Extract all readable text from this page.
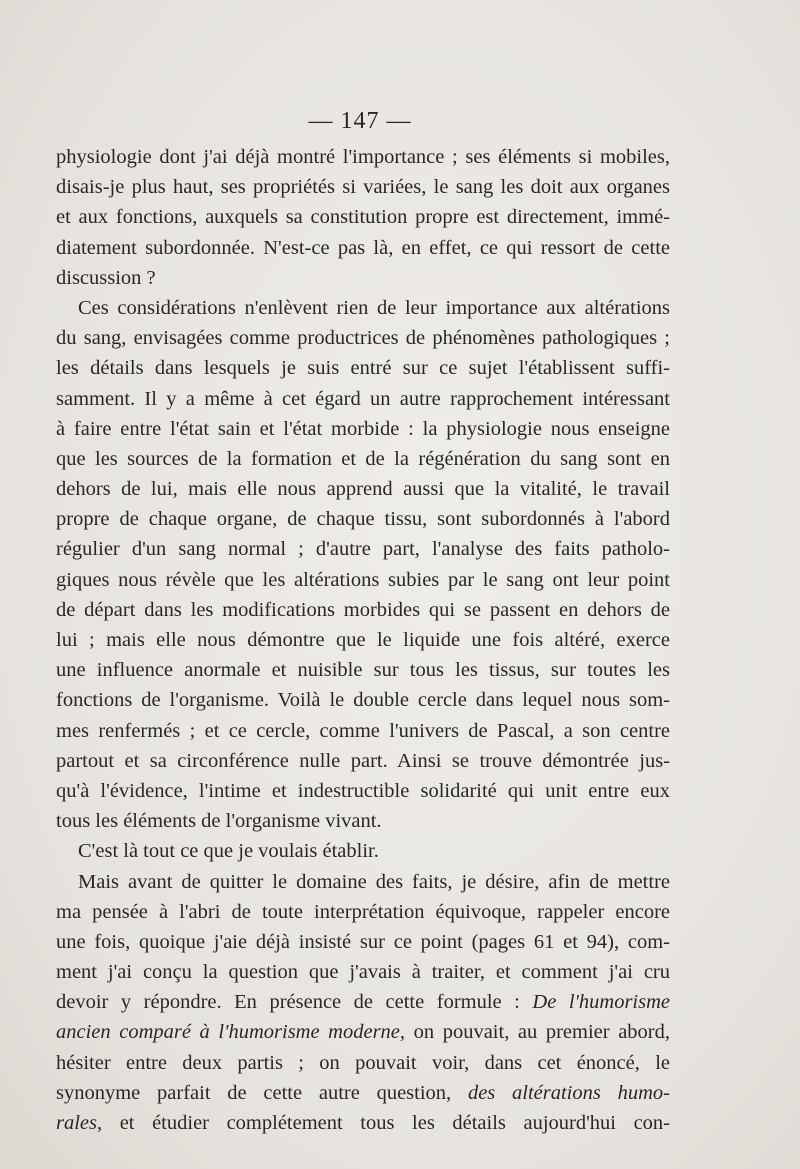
— 147 —
physiologie dont j'ai déjà montré l'importance ; ses éléments si mobiles,
disais-je plus haut, ses propriétés si variées, le sang les doit aux organes
et aux fonctions, auxquels sa constitution propre est directement, immé-
diatement subordonnée. N'est-ce pas là, en effet, ce qui ressort de cette
discussion ?
Ces considérations n'enlèvent rien de leur importance aux altérations
du sang, envisagées comme productrices de phénomènes pathologiques ;
les détails dans lesquels je suis entré sur ce sujet l'établissent suffi-
samment. Il y a même à cet égard un autre rapprochement intéressant
à faire entre l'état sain et l'état morbide : la physiologie nous enseigne
que les sources de la formation et de la régénération du sang sont en
dehors de lui, mais elle nous apprend aussi que la vitalité, le travail
propre de chaque organe, de chaque tissu, sont subordonnés à l'abord
régulier d'un sang normal ; d'autre part, l'analyse des faits patholo-
giques nous révèle que les altérations subies par le sang ont leur point
de départ dans les modifications morbides qui se passent en dehors de
lui ; mais elle nous démontre que le liquide une fois altéré, exerce
une influence anormale et nuisible sur tous les tissus, sur toutes les
fonctions de l'organisme. Voilà le double cercle dans lequel nous som-
mes renfermés ; et ce cercle, comme l'univers de Pascal, a son centre
partout et sa circonférence nulle part. Ainsi se trouve démontrée jus-
qu'à l'évidence, l'intime et indestructible solidarité qui unit entre eux
tous les éléments de l'organisme vivant.
C'est là tout ce que je voulais établir.
Mais avant de quitter le domaine des faits, je désire, afin de mettre
ma pensée à l'abri de toute interprétation équivoque, rappeler encore
une fois, quoique j'aie déjà insisté sur ce point (pages 61 et 94), com-
ment j'ai conçu la question que j'avais à traiter, et comment j'ai cru
devoir y répondre. En présence de cette formule : De l'humorisme
ancien comparé à l'humorisme moderne, on pouvait, au premier abord,
hésiter entre deux partis ; on pouvait voir, dans cet énoncé, le
synonyme parfait de cette autre question, des altérations humo-
rales, et étudier complétement tous les détails aujourd'hui con-
